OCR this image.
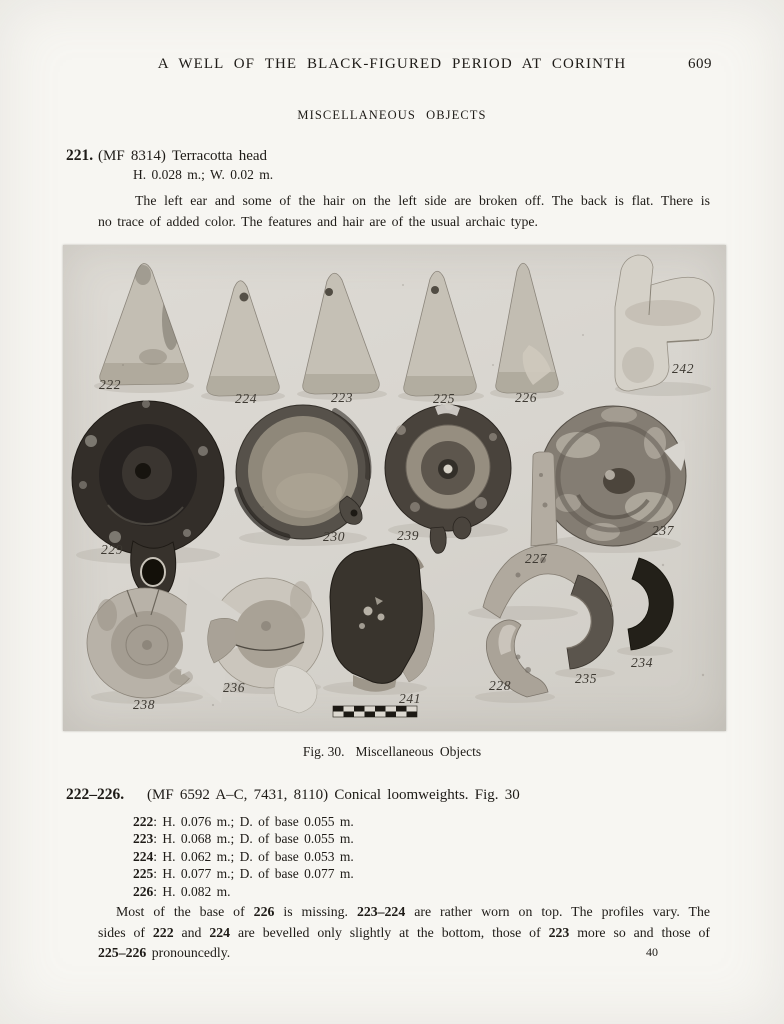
A WELL OF THE BLACK-FIGURED PERIOD AT CORINTH	609
MISCELLANEOUS OBJECTS
221. (MF 8314) Terracotta head
H. 0.028 m.; W. 0.02 m.
The left ear and some of the hair on the left side are broken off. The back is flat. There is
no trace of added color. The features and hair are of the usual archaic type.
222
224	223	225	226
242
229
230	239	237
227
238
236
241
228	235
234
Fig. 30. Miscellaneous Objects
222–226. (MF 6592 A–C, 7431, 8110) Conical loomweights. Fig. 30
222: H. 0.076 m.; D. of base 0.055 m.
223: H. 0.068 m.; D. of base 0.055 m.
224: H. 0.062 m.; D. of base 0.053 m.
225: H. 0.077 m.; D. of base 0.077 m.
226: H. 0.082 m.
Most of the base of 226 is missing. 223–224 are rather worn on top. The profiles vary. The
sides of 222 and 224 are bevelled only slightly at the bottom, those of 223 more so and those of
225–226 pronouncedly.	40
